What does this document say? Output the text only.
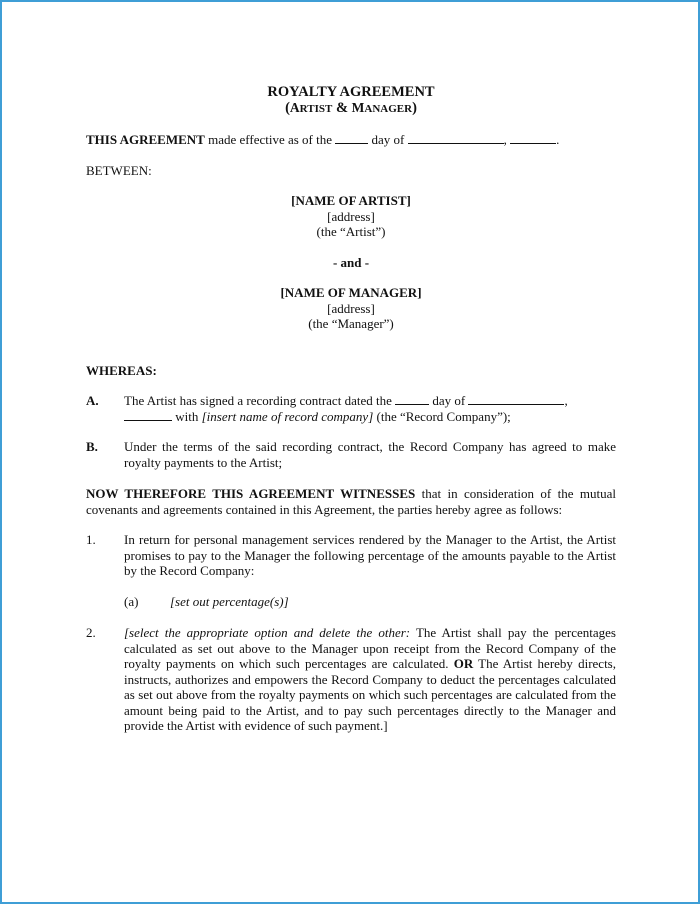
ROYALTY AGREEMENT

(ARTIST & MANAGER)

THIS AGREEMENT made effective as of the	day of	,	.

BETWEEN:

[NAME OF ARTIST]

[address]

(the “Artist”)

- and -

[NAME OF MANAGER]

[address]

(the “Manager”)

WHEREAS:

A.	The Artist has signed a recording contract dated the	day of	,
with [insert name of record company] (the “Record Company”);
B.	Under the terms of the said recording contract, the Record Company has agreed to make royalty payments to the Artist;

NOW THEREFORE THIS AGREEMENT WITNESSES that in consideration of the mutual covenants and agreements contained in this Agreement, the parties hereby agree as follows:

1.	In return for personal management services rendered by the Manager to the Artist, the Artist promises to pay to the Manager the following percentage of the amounts payable to the Artist by the Record Company:
(a)	[set out percentage(s)]
2.	[select the appropriate option and delete the other: The Artist shall pay the percentages calculated as set out above to the Manager upon receipt from the Record Company of the royalty payments on which such percentages are calculated. OR The Artist hereby directs, instructs, authorizes and empowers the Record Company to deduct the percentages calculated as set out above from the royalty payments on which such percentages are calculated from the amount being paid to the Artist, and to pay such percentages directly to the Manager and provide the Artist with evidence of such payment.]
